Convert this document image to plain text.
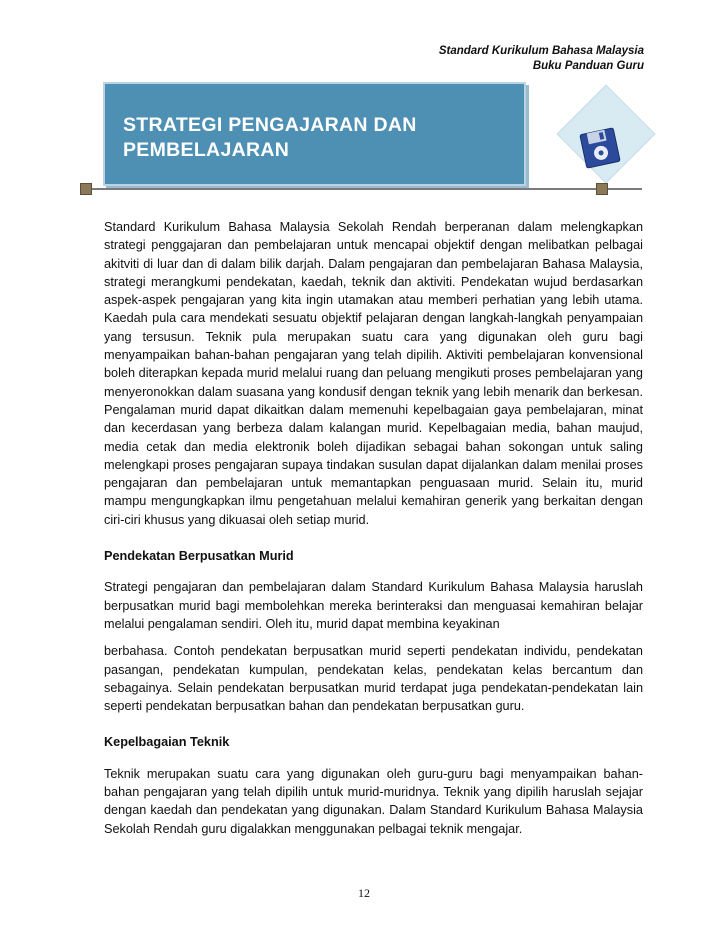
Standard Kurikulum Bahasa Malaysia
Buku Panduan Guru
STRATEGI PENGAJARAN DAN
PEMBELAJARAN

Standard Kurikulum Bahasa Malaysia Sekolah Rendah berperanan dalam melengkapkan strategi penggajaran dan pembelajaran untuk mencapai objektif dengan melibatkan pelbagai akitviti di luar dan di dalam bilik darjah. Dalam pengajaran dan pembelajaran Bahasa Malaysia, strategi merangkumi pendekatan, kaedah, teknik dan aktiviti. Pendekatan wujud berdasarkan aspek-aspek pengajaran yang kita ingin utamakan atau memberi perhatian yang lebih utama. Kaedah pula cara mendekati sesuatu objektif pelajaran dengan langkah-langkah penyampaian yang tersusun. Teknik pula merupakan suatu cara yang digunakan oleh guru bagi menyampaikan bahan-bahan pengajaran yang telah dipilih. Aktiviti pembelajaran konvensional boleh diterapkan kepada murid melalui ruang dan peluang mengikuti proses pembelajaran yang menyeronokkan dalam suasana yang kondusif dengan teknik yang lebih menarik dan berkesan. Pengalaman murid dapat dikaitkan dalam memenuhi kepelbagaian gaya pembelajaran, minat dan kecerdasan yang berbeza dalam kalangan murid. Kepelbagaian media, bahan maujud, media cetak dan media elektronik boleh dijadikan sebagai bahan sokongan untuk saling melengkapi proses pengajaran supaya tindakan susulan dapat dijalankan dalam menilai proses pengajaran dan pembelajaran untuk memantapkan penguasaan murid. Selain itu, murid mampu mengungkapkan ilmu pengetahuan melalui kemahiran generik yang berkaitan dengan ciri-ciri khusus yang dikuasai oleh setiap murid.

Pendekatan Berpusatkan Murid

Strategi pengajaran dan pembelajaran dalam Standard Kurikulum Bahasa Malaysia haruslah berpusatkan murid bagi membolehkan mereka berinteraksi dan menguasai kemahiran belajar melalui pengalaman sendiri. Oleh itu, murid dapat membina keyakinan

berbahasa. Contoh pendekatan berpusatkan murid seperti pendekatan individu, pendekatan pasangan, pendekatan kumpulan, pendekatan kelas, pendekatan kelas bercantum dan sebagainya. Selain pendekatan berpusatkan murid terdapat juga pendekatan-pendekatan lain seperti pendekatan berpusatkan bahan dan pendekatan berpusatkan guru.

Kepelbagaian Teknik

Teknik merupakan suatu cara yang digunakan oleh guru-guru bagi menyampaikan bahan-bahan pengajaran yang telah dipilih untuk murid-muridnya. Teknik yang dipilih haruslah sejajar dengan kaedah dan pendekatan yang digunakan. Dalam Standard Kurikulum Bahasa Malaysia Sekolah Rendah guru digalakkan menggunakan pelbagai teknik mengajar.

12
